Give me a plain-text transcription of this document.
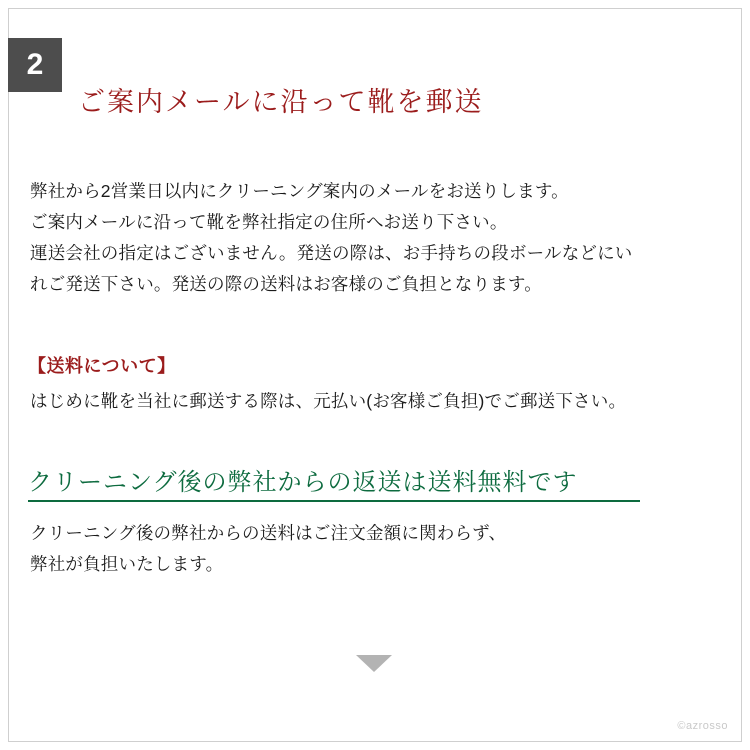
2
ご案内メールに沿って靴を郵送
弊社から2営業日以内にクリーニング案内のメールをお送りします。
ご案内メールに沿って靴を弊社指定の住所へお送り下さい。
運送会社の指定はございません。発送の際は、お手持ちの段ボールなどにい
れご発送下さい。発送の際の送料はお客様のご負担となります。
【送料について】
はじめに靴を当社に郵送する際は、元払い(お客様ご負担)でご郵送下さい。
クリーニング後の弊社からの返送は送料無料です
クリーニング後の弊社からの送料はご注文金額に関わらず、
弊社が負担いたします。
©azrosso
